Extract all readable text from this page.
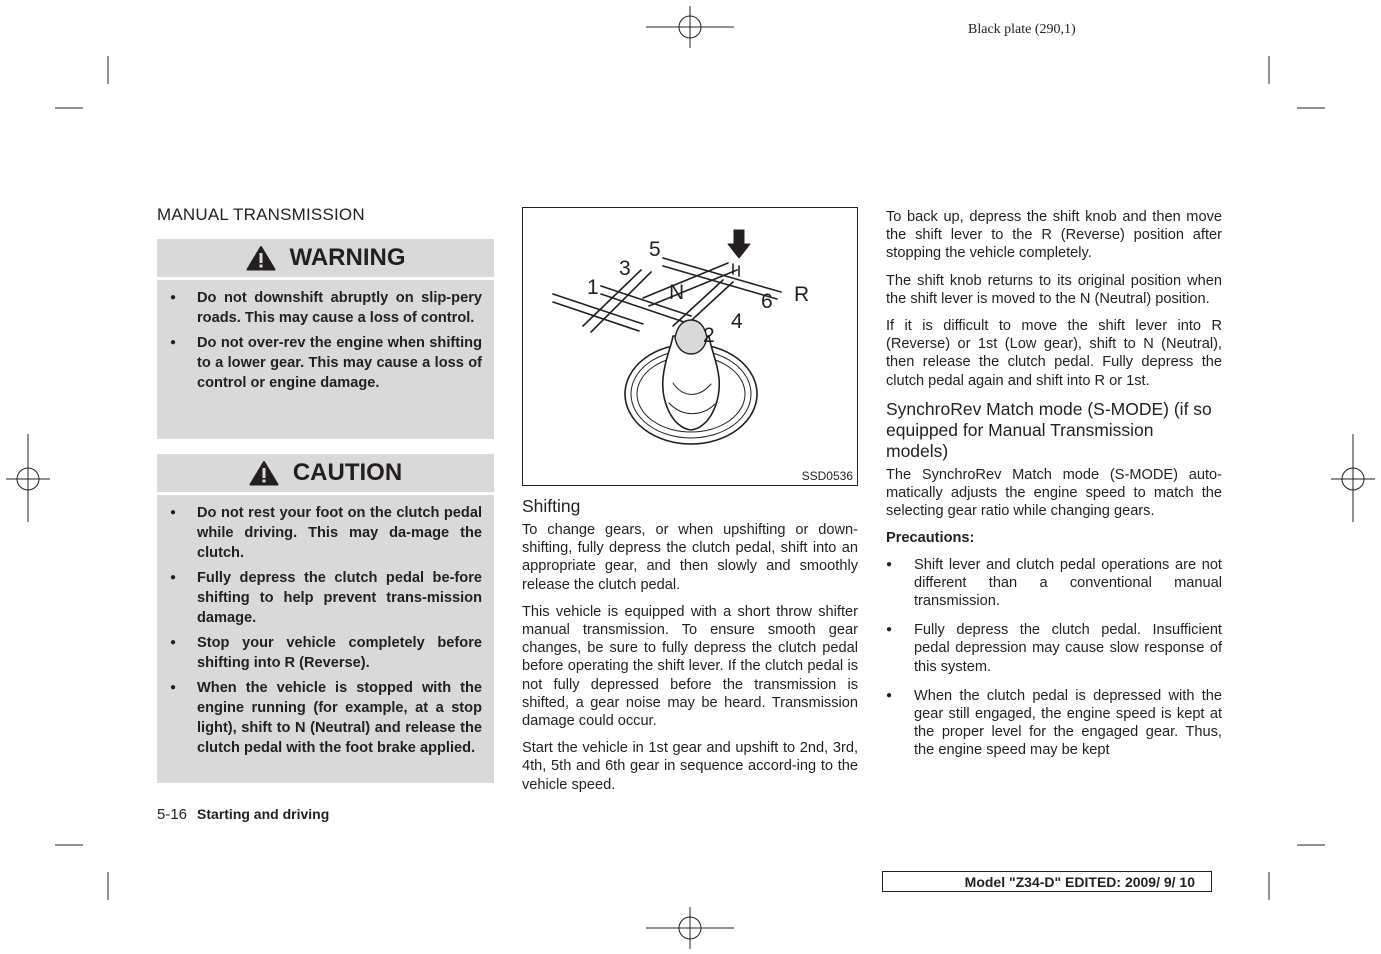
Black plate (290,1)
MANUAL TRANSMISSION
WARNING
● Do not downshift abruptly on slip-pery roads. This may cause a loss of control.
● Do not over-rev the engine when shifting to a lower gear. This may cause a loss of control or engine damage.
CAUTION
● Do not rest your foot on the clutch pedal while driving. This may da-mage the clutch.
● Fully depress the clutch pedal be-fore shifting to help prevent trans-mission damage.
● Stop your vehicle completely before shifting into R (Reverse).
● When the vehicle is stopped with the engine running (for example, at a stop light), shift to N (Neutral) and release the clutch pedal with the foot brake applied.
1
2
3
4
5
6
N	R
SSD0536
Shifting

To change gears, or when upshifting or down-shifting, fully depress the clutch pedal, shift into an appropriate gear, and then slowly and smoothly release the clutch pedal.

This vehicle is equipped with a short throw shifter manual transmission. To ensure smooth gear changes, be sure to fully depress the clutch pedal before operating the shift lever. If the clutch pedal is not fully depressed before the transmission is shifted, a gear noise may be heard. Transmission damage could occur.

Start the vehicle in 1st gear and upshift to 2nd, 3rd, 4th, 5th and 6th gear in sequence accord-ing to the vehicle speed.

To back up, depress the shift knob and then move the shift lever to the R (Reverse) position after stopping the vehicle completely.

The shift knob returns to its original position when the shift lever is moved to the N (Neutral) position.

If it is difficult to move the shift lever into R (Reverse) or 1st (Low gear), shift to N (Neutral), then release the clutch pedal. Fully depress the clutch pedal again and shift into R or 1st.

SynchroRev Match mode (S-MODE) (if so equipped for Manual Transmission models)

The SynchroRev Match mode (S-MODE) auto-matically adjusts the engine speed to match the selecting gear ratio while changing gears.

Precautions:

● Shift lever and clutch pedal operations are not different than a conventional manual transmission.
● Fully depress the clutch pedal. Insufficient pedal depression may cause slow response of this system.
● When the clutch pedal is depressed with the gear still engaged, the engine speed is kept at the proper level for the engaged gear. Thus, the engine speed may be kept
5-16 Starting and driving
Model "Z34-D" EDITED: 2009/ 9/ 10
